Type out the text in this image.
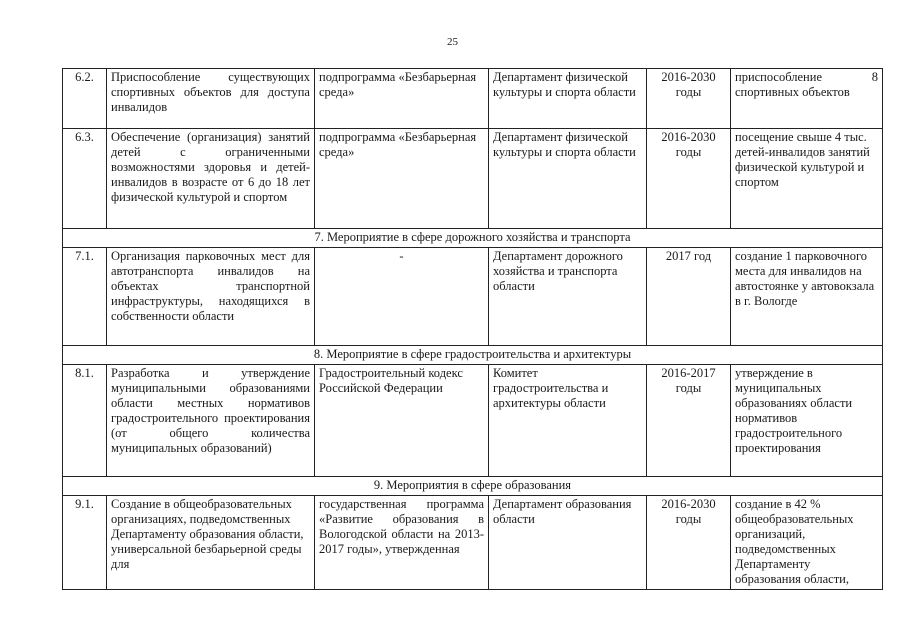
25
6.2.	Приспособление существующих спортивных объектов для доступа инвалидов	подпрограмма «Безбарьерная среда»	Департамент физической культуры и спорта области	2016-2030 годы	приспособление 8 спортивных объектов
6.3.	Обеспечение (организация) занятий детей с ограниченными возможностями здоровья и детей-инвалидов в возрасте от 6 до 18 лет физической культурой и спортом	подпрограмма «Безбарьерная среда»	Департамент физической культуры и спорта области	2016-2030 годы	посещение свыше 4 тыс. детей-инвалидов занятий физической культурой и спортом
7. Мероприятие в сфере дорожного хозяйства и транспорта					
7.1.	Организация парковочных мест для автотранспорта инвалидов на объектах транспортной инфраструктуры, находящихся в собственности области	-	Департамент дорожного хозяйства и транспорта области	2017 год	создание 1 парковочного места для инвалидов на автостоянке у автовокзала в г. Вологде
8. Мероприятие в сфере градостроительства и архитектуры					
8.1.	Разработка и утверждение муниципальными образованиями области местных нормативов градостроительного проектирования (от общего количества муниципальных образований)	Градостроительный кодекс Российской Федерации	Комитет градостроительства и архитектуры области	2016-2017 годы	утверждение в муниципальных образованиях области нормативов градостроительного проектирования
9. Мероприятия в сфере образования					
9.1.	Создание в общеобразовательных организациях, подведомственных Департаменту образования области, универсальной безбарьерной среды для	государственная программа «Развитие образования в Вологодской области на 2013-2017 годы», утвержденная	Департамент образования области	2016-2030 годы	создание в 42 % общеобразовательных организаций, подведомственных Департаменту образования области,
